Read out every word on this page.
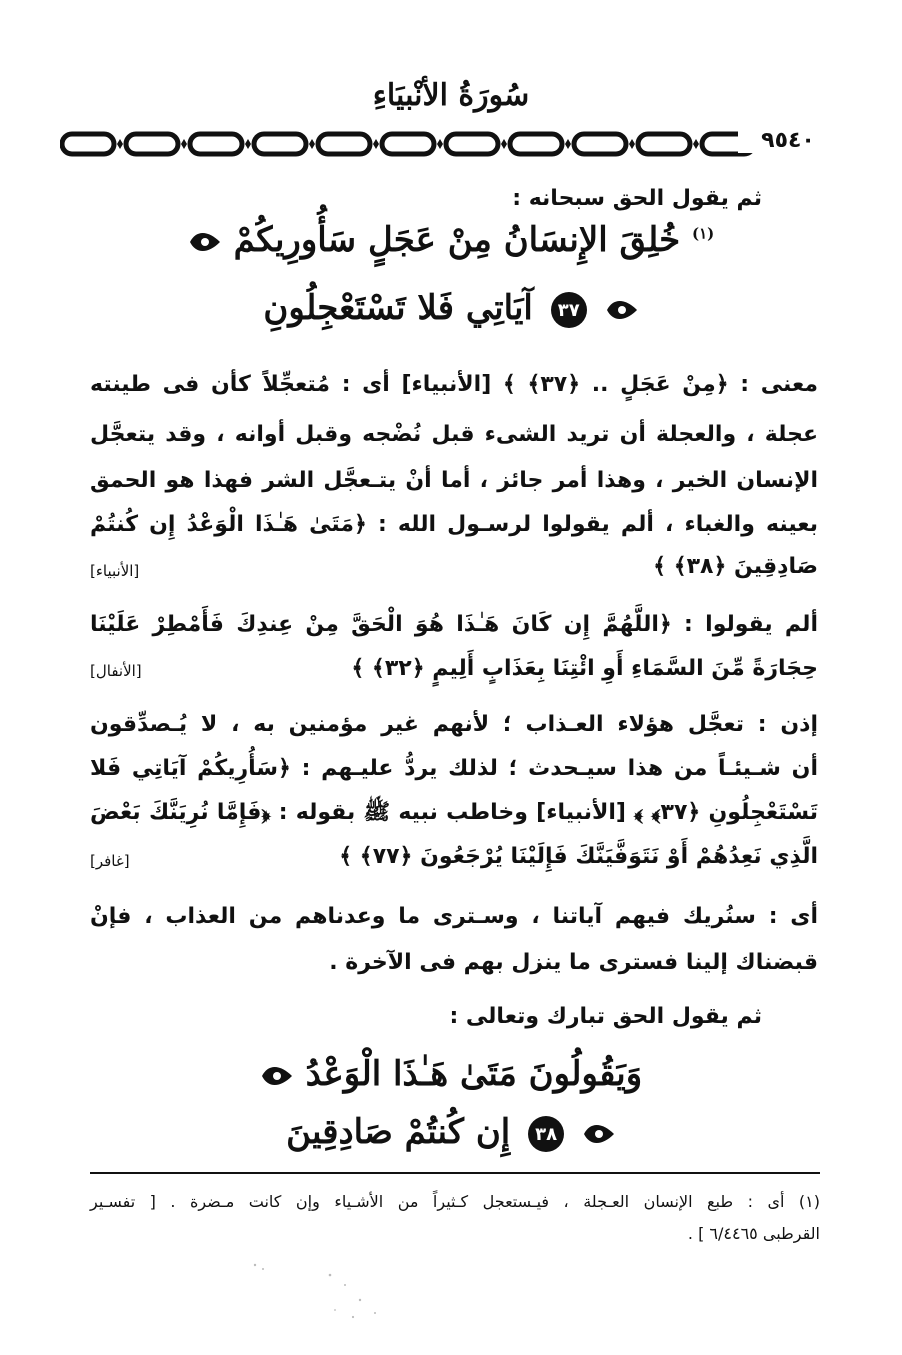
سُورَةُ الأنْبيَاءِ
٩٥٤٠
ثم يقول الحق سبحانه :
$^{(١)}$ خُلِقَ الإِنسَانُ مِنْ عَجَلٍ سَأُورِيكُمْ
٣٧ آيَاتِي فَلا تَسْتَعْجِلُونِ
معنى : ﴿مِنْ عَجَلٍ .. ﴿٣٧﴾ ﴾ [الأنبياء] أى : مُتعجِّلاً كأن فى طينته
عجلة ، والعجلة أن تريد الشىء قبل نُضْجه وقبل أوانه ، وقد يتعجَّل
الإنسان الخير ، وهذا أمر جائز ، أما أنْ يتـعجَّل الشر فهذا هو الحمق
بعينه والغباء ، ألم يقولوا لرسـول الله : ﴿مَتَىٰ هَـٰذَا الْوَعْدُ إِن كُنتُمْ
صَادِقِينَ ﴿٣٨﴾ ﴾
[الأنبياء]
ألم يقولوا : ﴿اللَّهُمَّ إِن كَانَ هَـٰذَا هُوَ الْحَقَّ مِنْ عِندِكَ فَأَمْطِرْ عَلَيْنَا
حِجَارَةً مِّنَ السَّمَاءِ أَوِ ائْتِنَا بِعَذَابٍ أَلِيمٍ ﴿٣٢﴾ ﴾
[الأنفال]
إذن : تعجَّل هؤلاء العـذاب ؛ لأنهم غير مؤمنين به ، لا يُـصدِّقون
أن شـيئـاً من هذا سيـحدث ؛ لذلك يردُّ عليـهم : ﴿سَأُرِيكُمْ آيَاتِي فَلا
تَسْتَعْجِلُونِ ﴿٣٧﴾ ﴾ [الأنبياء] وخاطب نبيه ﷺ بقوله : ﴿فَإِمَّا نُرِيَنَّكَ بَعْضَ
الَّذِي نَعِدُهُمْ أَوْ نَتَوَفَّيَنَّكَ فَإِلَيْنَا يُرْجَعُونَ ﴿٧٧﴾ ﴾
[غافر]
أى : سنُريك فيهم آياتنا ، وسـترى ما وعدناهم من العذاب ، فإنْ
قبضناك إلينا فسترى ما ينزل بهم فى الآخرة .
ثم يقول الحق تبارك وتعالى :
وَيَقُولُونَ مَتَىٰ هَـٰذَا الْوَعْدُ
٣٨ إِن كُنتُمْ صَادِقِينَ
(١) أى : طبع الإنسان العـجلة ، فيـستعجل كـثيراً من الأشـياء وإن كانت مـضرة . [ تفسـير
القرطبى ٦/٤٤٦٥ ] .
